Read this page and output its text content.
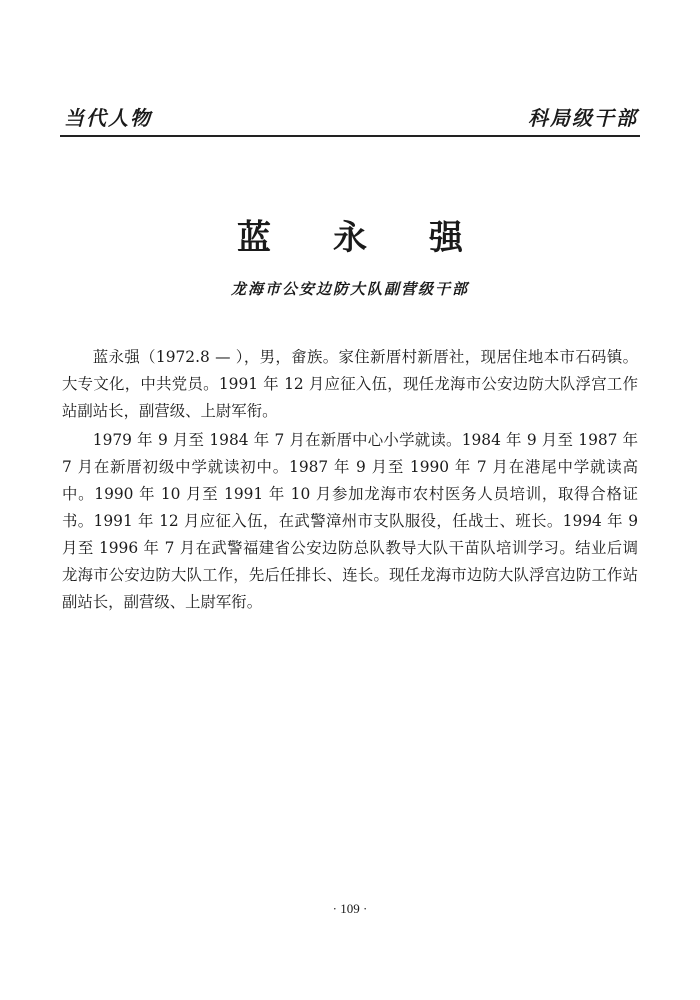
当代人物	科局级干部
蓝永强
龙海市公安边防大队副营级干部

蓝永强（1972.8 — ），男，畲族。家住新厝村新厝社，现居住地本市石码镇。大专文化，中共党员。1991 年 12 月应征入伍，现任龙海市公安边防大队浮宫工作站副站长，副营级、上尉军衔。

1979 年 9 月至 1984 年 7 月在新厝中心小学就读。1984 年 9 月至 1987 年 7 月在新厝初级中学就读初中。1987 年 9 月至 1990 年 7 月在港尾中学就读高中。1990 年 10 月至 1991 年 10 月参加龙海市农村医务人员培训，取得合格证书。1991 年 12 月应征入伍，在武警漳州市支队服役，任战士、班长。1994 年 9 月至 1996 年 7 月在武警福建省公安边防总队教导大队干苗队培训学习。结业后调龙海市公安边防大队工作，先后任排长、连长。现任龙海市边防大队浮宫边防工作站副站长，副营级、上尉军衔。

· 109 ·
